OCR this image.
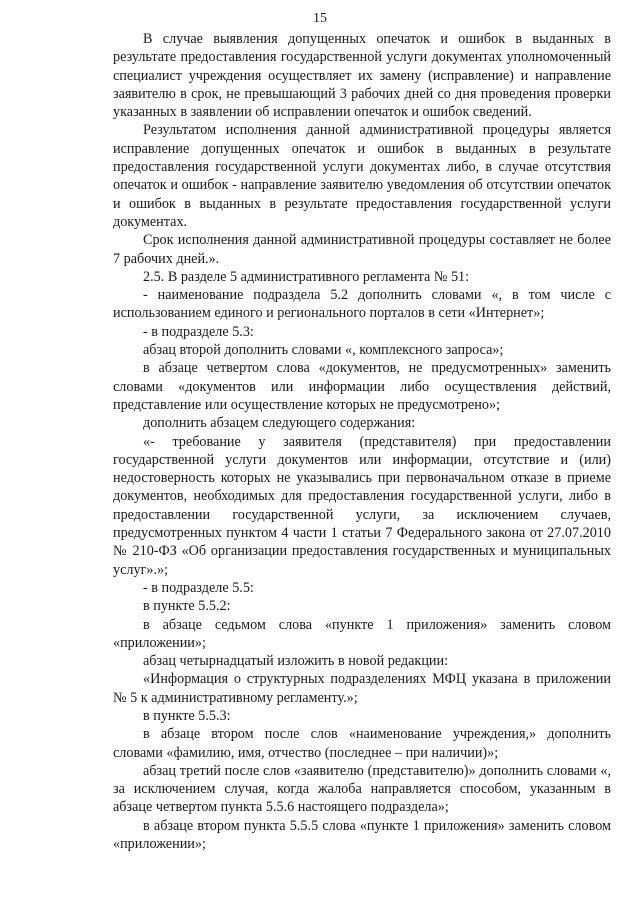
15

В случае выявления допущенных опечаток и ошибок в выданных в результате предоставления государственной услуги документах уполномоченный специалист учреждения осуществляет их замену (исправление) и направление заявителю в срок, не превышающий 3 рабочих дней со дня проведения проверки указанных в заявлении об исправлении опечаток и ошибок сведений.

Результатом исполнения данной административной процедуры является исправление допущенных опечаток и ошибок в выданных в результате предоставления государственной услуги документах либо, в случае отсутствия опечаток и ошибок - направление заявителю уведомления об отсутствии опечаток и ошибок в выданных в результате предоставления государственной услуги документах.

Срок исполнения данной административной процедуры составляет не более 7 рабочих дней.».

2.5. В разделе 5 административного регламента № 51:

- наименование подраздела 5.2 дополнить словами «, в том числе с использованием единого и регионального порталов в сети «Интернет»;

- в подразделе 5.3:

абзац второй дополнить словами «, комплексного запроса»;

в абзаце четвертом слова «документов, не предусмотренных» заменить словами «документов или информации либо осуществления действий, представление или осуществление которых не предусмотрено»;

дополнить абзацем следующего содержания:

«- требование у заявителя (представителя) при предоставлении государственной услуги документов или информации, отсутствие и (или) недостоверность которых не указывались при первоначальном отказе в приеме документов, необходимых для предоставления государственной услуги, либо в предоставлении государственной услуги, за исключением случаев, предусмотренных пунктом 4 части 1 статьи 7 Федерального закона от 27.07.2010 № 210-ФЗ «Об организации предоставления государственных и муниципальных услуг».»;

- в подразделе 5.5:

в пункте 5.5.2:

в абзаце седьмом слова «пункте 1 приложения» заменить словом «приложении»;

абзац четырнадцатый изложить в новой редакции:

«Информация о структурных подразделениях МФЦ указана в приложении № 5 к административному регламенту.»;

в пункте 5.5.3:

в абзаце втором после слов «наименование учреждения,» дополнить словами «фамилию, имя, отчество (последнее – при наличии)»;

абзац третий после слов «заявителю (представителю)» дополнить словами «, за исключением случая, когда жалоба направляется способом, указанным в абзаце четвертом пункта 5.5.6 настоящего подраздела»;

в абзаце втором пункта 5.5.5 слова «пункте 1 приложения» заменить словом «приложении»;
